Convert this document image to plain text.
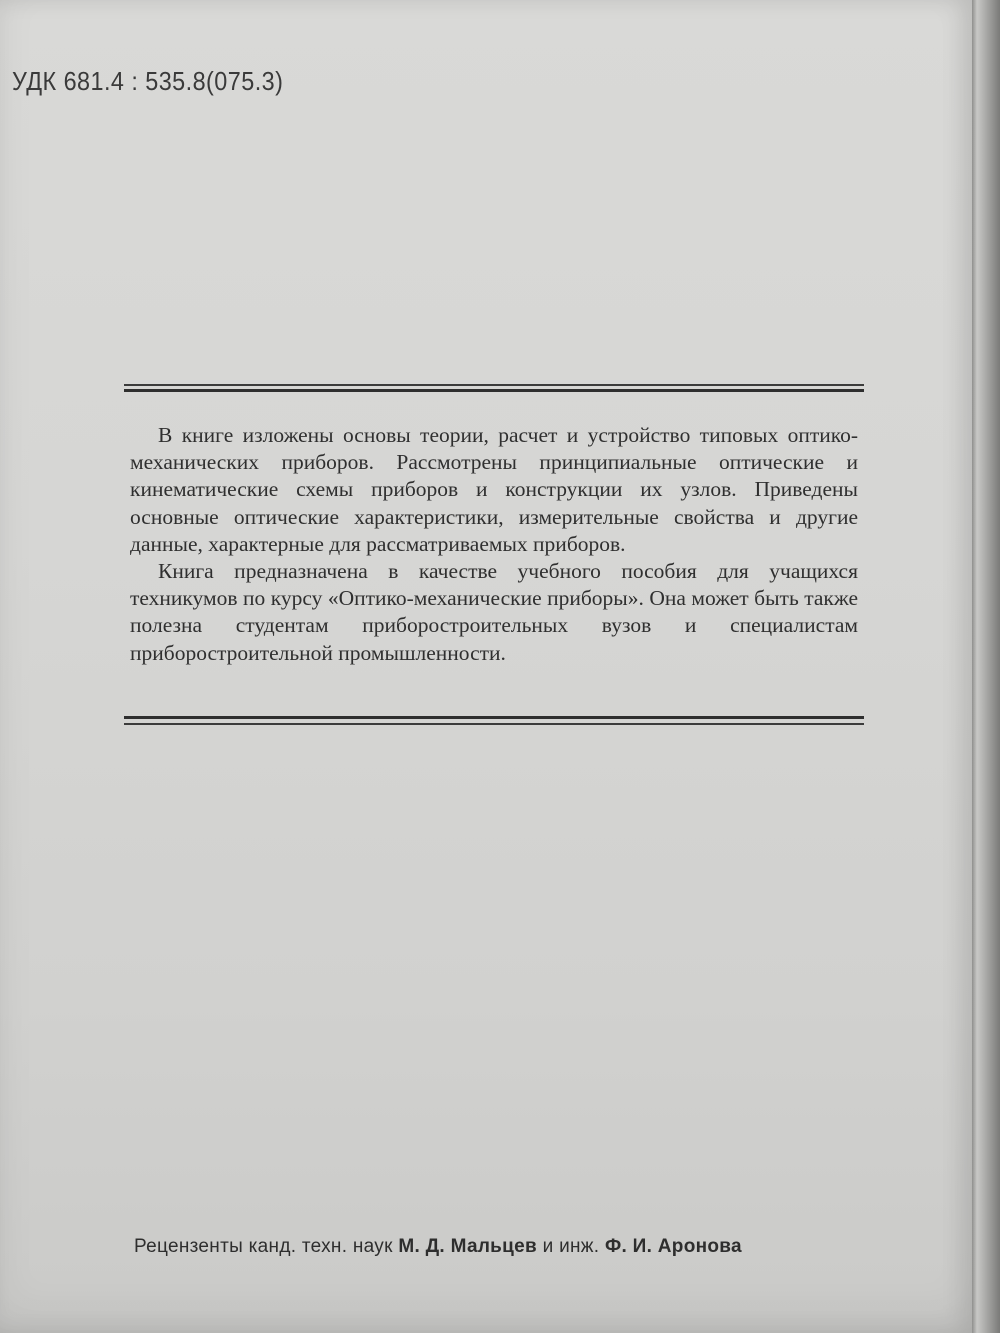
УДК 681.4 : 535.8(075.3)

В книге изложены основы теории, расчет и устройство типовых оптико-механических приборов. Рассмотрены принципиальные оптические и кинематические схемы приборов и конструкции их узлов. Приведены основные оптические характеристики, измерительные свойства и другие данные, характерные для рассматриваемых приборов.

Книга предназначена в качестве учебного пособия для учащихся техникумов по курсу «Оптико-механические приборы». Она может быть также полезна студентам приборостроительных вузов и специалистам приборостроительной промышленности.

Рецензенты канд. техн. наук М. Д. Мальцев и инж. Ф. И. Аронова
